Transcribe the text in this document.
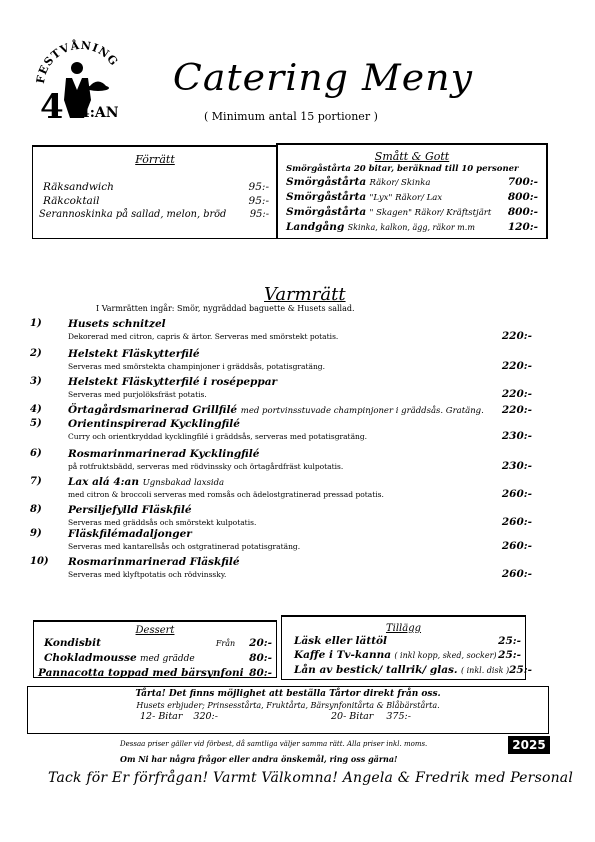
ESTVÅNING
4 4:AN
Catering Meny
( Minimum antal 15 portioner )
Förrätt
Räksandwich	95:-
Räkcoktail	95:-
Serannoskinka på sallad, melon, bröd 95:-
Smått & Gott
Smörgåstårta 20 bitar, beräknad till 10 personer
Smörgåstårta Räkor/ Skinka	700:-
Smörgåstårta "Lyx" Räkor/ Lax	800:-
Smörgåstårta " Skagen" Räkor/ Kräftstjärt 800:-
Landgång Skinka, kalkon, ägg, räkor m.m	120:-
Varmrätt
I Varmrätten ingår: Smör, nygräddad baguette & Husets sallad.
1)	Husets schnitzel
Dekorerad med citron, capris & ärtor. Serveras med smörstekt potatis.	220:-
2)	Helstekt Fläskytterfilé
Serveras med smörstekta champinjoner i gräddsås, potatisgratäng.	220:-
3)	Helstekt Fläskytterfilé i rosépeppar
Serveras med purjolöksfräst potatis.	220:-
4)	Örtagårdsmarinerad Grillfilé med portvinsstuvade champinjoner i gräddsås. Gratäng. 220:-
5)	Orientinspirerad Kycklingfilé
Curry och orientkryddad kycklingfilé i gräddsås, serveras med potatisgratäng.	230:-
6)	Rosmarinmarinerad Kycklingfilé
på rotfruktsbädd, serveras med rödvinssky och örtagårdfräst kulpotatis.	230:-
7)	Lax alá 4:an Ugnsbakad laxsida
med citron & broccoli serveras med romsås och ädelostgratinerad pressad potatis.	260:-
8)	Persiljefylld Fläskfilé
Serveras med gräddsås och smörstekt kulpotatis.	260:-
9)	Fläskfilémadaljonger
Serveras med kantarellsås och ostgratinerad potatisgratäng.	260:-
10) Rosmarinmarinerad Fläskfilé
Serveras med klyftpotatis och rödvinssky.	260:-
Dessert
Kondisbit	Från 20:-
Chokladmousse med grädde	80:-
Pannacotta toppad med bärsynfoni 80:-
Tillägg
Läsk eller lättöl	25:-
Kaffe i Tv-kanna ( inkl kopp, sked, socker) 25:-
Lån av bestick/ tallrik/ glas. ( inkl. disk ) 25:-
Tårta! Det finns möjlighet att beställa Tårtor direkt från oss.
Husets erbjuder; Prinsesstårta, Fruktårta, Bärsynfonitårta & Blåbärstårta.
12- Bitar 320:-	20- Bitar 375:-
Dessaa priser gäller vid förbest, då samtliga väljer samma rätt. Alla priser inkl. moms.	2025
Om Ni har några frågor eller andra önskemål, ring oss gärna!
Tack för Er förfrågan! Varmt Välkomna! Angela & Fredrik med Personal
